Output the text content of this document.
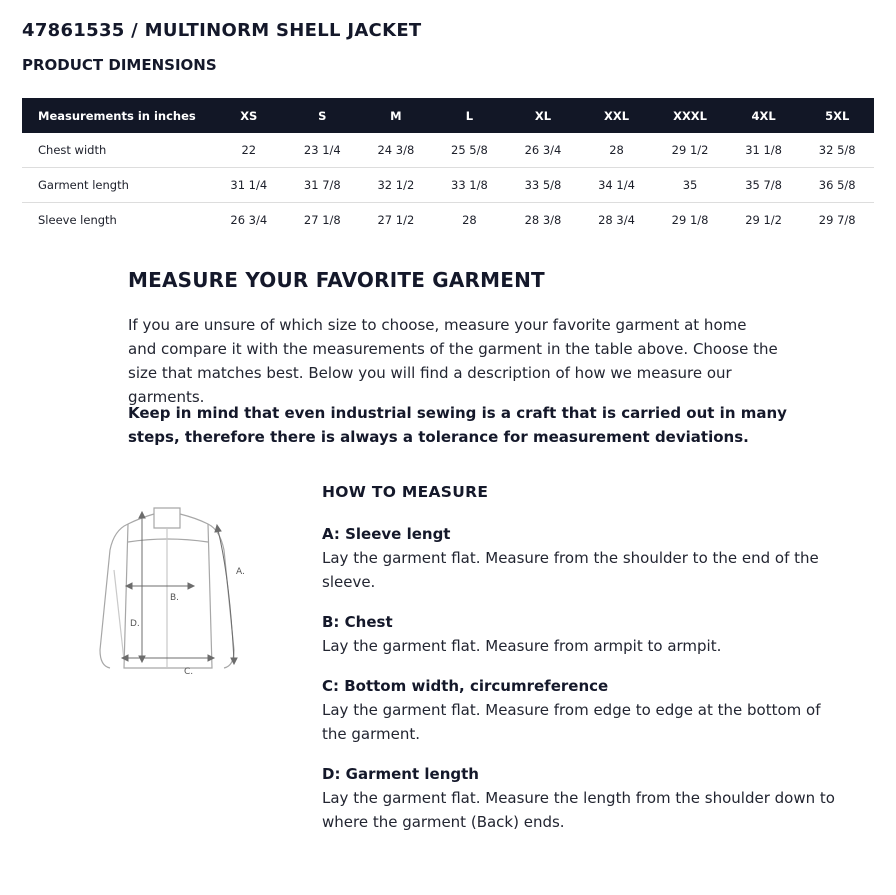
47861535 / MULTINORM SHELL JACKET
PRODUCT DIMENSIONS
Measurements in inches	XS	S	M	L	XL	XXL	XXXL	4XL	5XL
Chest width	22	23 1/4	24 3/8	25 5/8	26 3/4	28	29 1/2	31 1/8	32 5/8
Garment length	31 1/4	31 7/8	32 1/2	33 1/8	33 5/8	34 1/4	35	35 7/8	36 5/8
Sleeve length	26 3/4	27 1/8	27 1/2	28	28 3/8	28 3/4	29 1/8	29 1/2	29 7/8
MEASURE YOUR FAVORITE GARMENT

If you are unsure of which size to choose, measure your favorite garment at home and compare it with the measurements of the garment in the table above. Choose the size that matches best. Below you will find a description of how we measure our garments.

Keep in mind that even industrial sewing is a craft that is carried out in many steps, therefore there is always a tolerance for measurement deviations.

A.
B.
C.
D.
HOW TO MEASURE

A: Sleeve lengt

Lay the garment flat. Measure from the shoulder to the end of the sleeve.

B: Chest

Lay the garment flat. Measure from armpit to armpit.

C: Bottom width, circumreference

Lay the garment flat. Measure from edge to edge at the bottom of the garment.

D: Garment length

Lay the garment flat. Measure the length from the shoulder down to where the garment (Back) ends.
